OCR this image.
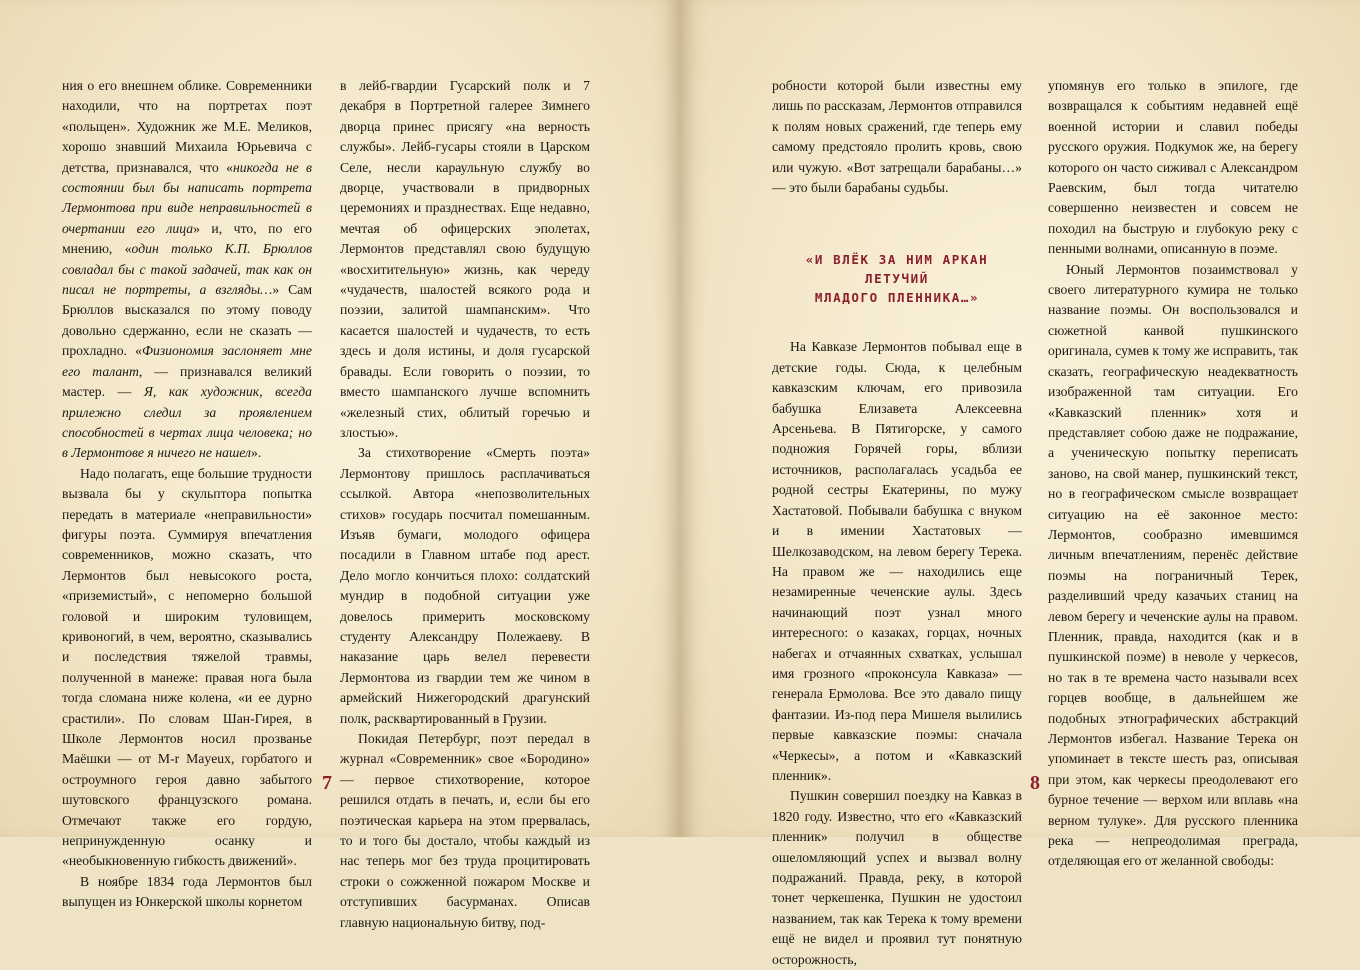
ния о его внешнем облике. Современники находили, что на портретах поэт «польщен». Художник же М.Е. Меликов, хорошо знавший Михаила Юрьевича с детства, признавался, что «никогда не в состоянии был бы написать портрета Лермонтова при виде неправильностей в очертании его лица» и, что, по его мнению, «один только К.П. Брюллов совладал бы с такой задачей, так как он писал не портреты, а взгляды…» Сам Брюллов высказался по этому поводу довольно сдержанно, если не сказать — прохладно. «Физиономия заслоняет мне его талант, — признавался великий мастер. — Я, как художник, всегда прилежно следил за проявлением способностей в чертах лица человека; но в Лермонтове я ничего не нашел».

Надо полагать, еще большие трудности вызвала бы у скульптора попытка передать в материале «неправильности» фигуры поэта. Суммируя впечатления современников, можно сказать, что Лермонтов был невысокого роста, «приземистый», с непомерно большой головой и широким туловищем, кривоногий, в чем, вероятно, сказывались и последствия тяжелой травмы, полученной в манеже: правая нога была тогда сломана ниже колена, «и ее дурно срастили». По словам Шан-Гирея, в Школе Лермонтов носил прозванье Маёшки — от M-r Mayeux, горбатого и остроумного героя давно забытого шутовского французского романа. Отмечают также его гордую, непринужденную осанку и «необыкновенную гибкость движений».

В ноябре 1834 года Лермонтов был выпущен из Юнкерской школы корнетом

в лейб-гвардии Гусарский полк и 7 декабря в Портретной галерее Зимнего дворца принес присягу «на верность службы». Лейб-гусары стояли в Царском Селе, несли караульную службу во дворце, участвовали в придворных церемониях и празднествах. Еще недавно, мечтая об офицерских эполетах, Лермонтов представлял свою будущую «восхитительную» жизнь, как череду «чудачеств, шалостей всякого рода и поэзии, залитой шампанским». Что касается шалостей и чудачеств, то есть здесь и доля истины, и доля гусарской бравады. Если говорить о поэзии, то вместо шампанского лучше вспомнить «железный стих, облитый горечью и злостью».

За стихотворение «Смерть поэта» Лермонтову пришлось расплачиваться ссылкой. Автора «непозволительных стихов» государь посчитал помешанным. Изъяв бумаги, молодого офицера посадили в Главном штабе под арест. Дело могло кончиться плохо: солдатский мундир в подобной ситуации уже довелось примерить московскому студенту Александру Полежаеву. В наказание царь велел перевести Лермонтова из гвардии тем же чином в армейский Нижегородский драгунский полк, расквартированный в Грузии.

Покидая Петербург, поэт передал в журнал «Современник» свое «Бородино» — первое стихотворение, которое решился отдать в печать, и, если бы его поэтическая карьера на этом прервалась, то и того бы достало, чтобы каждый из нас теперь мог без труда процитировать строки о сожженной пожаром Москве и отступивших басурманах. Описав главную национальную битву, под-

7

робности которой были известны ему лишь по рассказам, Лермонтов отправился к полям новых сражений, где теперь ему самому предстояло пролить кровь, свою или чужую. «Вот затрещали барабаны…» — это были барабаны судьбы.

«И ВЛЁК ЗА НИМ АРКАН ЛЕТУЧИЙ
МЛАДОГО ПЛЕННИКА…»

На Кавказе Лермонтов побывал еще в детские годы. Сюда, к целебным кавказским ключам, его привозила бабушка Елизавета Алексеевна Арсеньева. В Пятигорске, у самого подножия Горячей горы, вблизи источников, располагалась усадьба ее родной сестры Екатерины, по мужу Хастатовой. Побывали бабушка с внуком и в имении Хастатовых — Шелкозаводском, на левом берегу Терека. На правом же — находились еще незамиренные чеченские аулы. Здесь начинающий поэт узнал много интересного: о казаках, горцах, ночных набегах и отчаянных схватках, услышал имя грозного «проконсула Кавказа» — генерала Ермолова. Все это давало пищу фантазии. Из-под пера Мишеля вылились первые кавказские поэмы: сначала «Черкесы», а потом и «Кавказский пленник».

Пушкин совершил поездку на Кавказ в 1820 году. Известно, что его «Кавказский пленник» получил в обществе ошеломляющий успех и вызвал волну подражаний. Правда, реку, в которой тонет черкешенка, Пушкин не удостоил названием, так как Терека к тому времени ещё не видел и проявил тут понятную осторожность,

упомянув его только в эпилоге, где возвращался к событиям недавней ещё военной истории и славил победы русского оружия. Подкумок же, на берегу которого он часто сиживал с Александром Раевским, был тогда читателю совершенно неизвестен и совсем не походил на быструю и глубокую реку с пенными волнами, описанную в поэме.

Юный Лермонтов позаимствовал у своего литературного кумира не только название поэмы. Он воспользовался и сюжетной канвой пушкинского оригинала, сумев к тому же исправить, так сказать, географическую неадекватность изображенной там ситуации. Его «Кавказский пленник» хотя и представляет собою даже не подражание, а ученическую попытку переписать заново, на свой манер, пушкинский текст, но в географическом смысле возвращает ситуацию на её законное место: Лермонтов, сообразно имевшимся личным впечатлениям, перенёс действие поэмы на пограничный Терек, разделивший чреду казачьих станиц на левом берегу и чеченские аулы на правом. Пленник, правда, находится (как и в пушкинской поэме) в неволе у черкесов, но так в те времена часто называли всех горцев вообще, в дальнейшем же подобных этнографических абстракций Лермонтов избегал. Название Терека он упоминает в тексте шесть раз, описывая при этом, как черкесы преодолевают его бурное течение — верхом или вплавь «на верном тулуке». Для русского пленника река — непреодолимая преграда, отделяющая его от желанной свободы:

8
